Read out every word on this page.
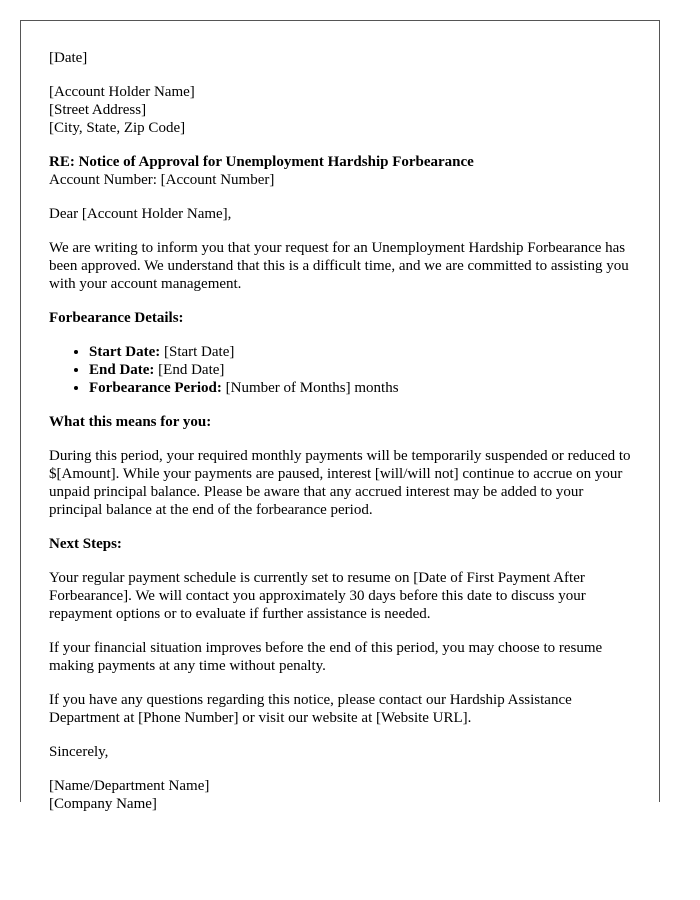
[Date]

[Account Holder Name]
[Street Address]
[City, State, Zip Code]
RE: Notice of Approval for Unemployment Hardship Forbearance
Account Number: [Account Number]

Dear [Account Holder Name],

We are writing to inform you that your request for an Unemployment Hardship Forbearance has been approved. We understand that this is a difficult time, and we are committed to assisting you with your account management.

Forbearance Details:
• Start Date: [Start Date]
• End Date: [End Date]
• Forbearance Period: [Number of Months] months
What this means for you:

During this period, your required monthly payments will be temporarily suspended or reduced to $[Amount]. While your payments are paused, interest [will/will not] continue to accrue on your unpaid principal balance. Please be aware that any accrued interest may be added to your principal balance at the end of the forbearance period.

Next Steps:

Your regular payment schedule is currently set to resume on [Date of First Payment After Forbearance]. We will contact you approximately 30 days before this date to discuss your repayment options or to evaluate if further assistance is needed.

If your financial situation improves before the end of this period, you may choose to resume making payments at any time without penalty.

If you have any questions regarding this notice, please contact our Hardship Assistance Department at [Phone Number] or visit our website at [Website URL].

Sincerely,

[Name/Department Name]
[Company Name]
